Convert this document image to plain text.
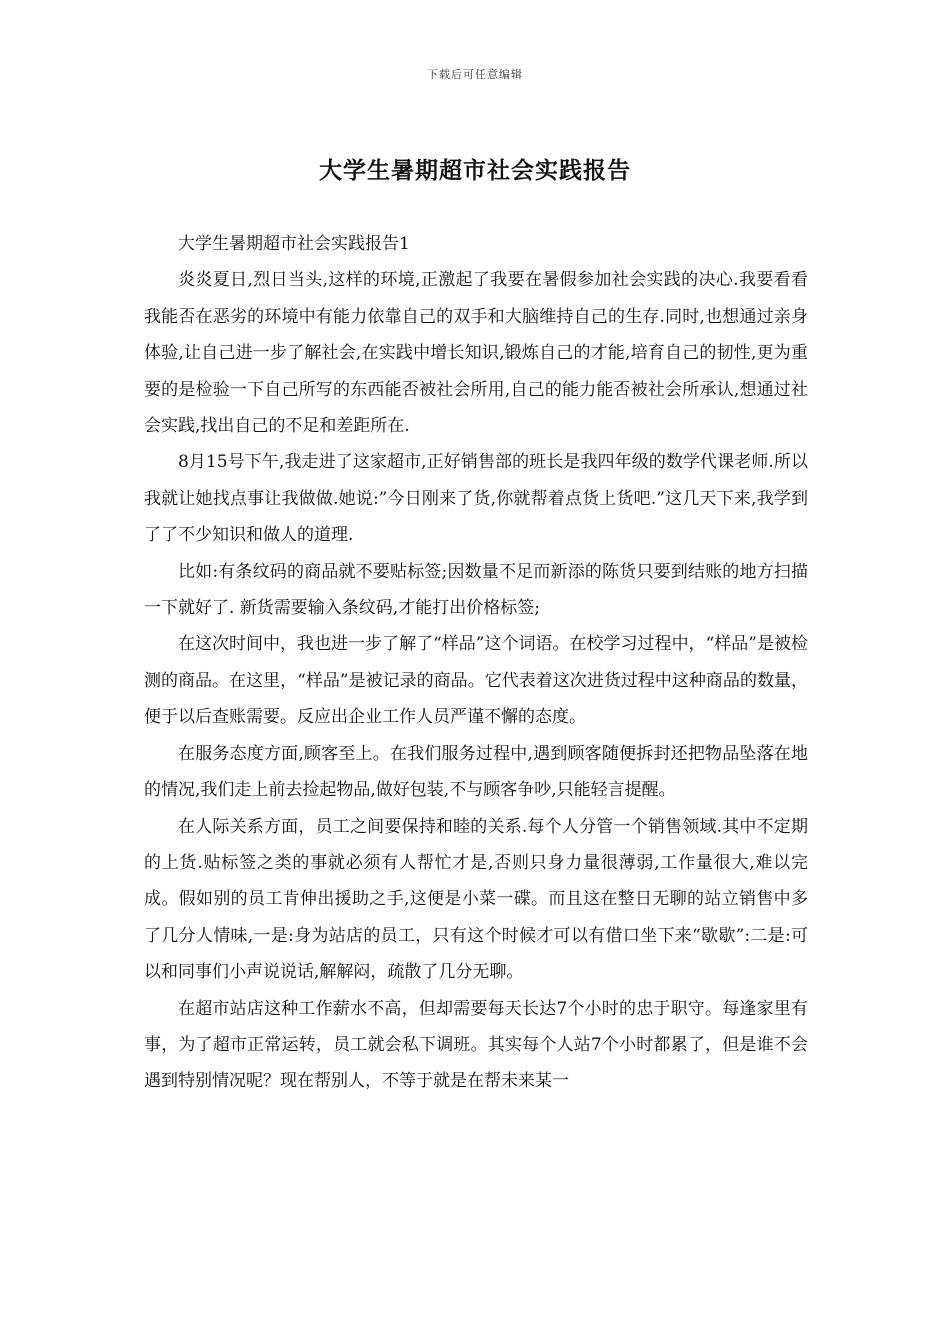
下载后可任意编辑
大学生暑期超市社会实践报告

大学生暑期超市社会实践报告1

炎炎夏日,烈日当头,这样的环境,正激起了我要在暑假参加社会实践的决心.我要看看我能否在恶劣的环境中有能力依靠自己的双手和大脑维持自己的生存.同时,也想通过亲身体验,让自己进一步了解社会,在实践中增长知识,锻炼自己的才能,培育自己的韧性,更为重要的是检验一下自己所写的东西能否被社会所用,自己的能力能否被社会所承认,想通过社会实践,找出自己的不足和差距所在.

8月15号下午,我走进了这家超市,正好销售部的班长是我四年级的数学代课老师.所以我就让她找点事让我做做.她说:”今日刚来了货,你就帮着点货上货吧.”这几天下来,我学到了了不少知识和做人的道理.

比如:有条纹码的商品就不要贴标签;因数量不足而新添的陈货只要到结账的地方扫描一下就好了. 新货需要输入条纹码,才能打出价格标签;

在这次时间中，我也进一步了解了“样品”这个词语。在校学习过程中，“样品”是被检测的商品。在这里，“样品”是被记录的商品。它代表着这次进货过程中这种商品的数量，便于以后查账需要。反应出企业工作人员严谨不懈的态度。

在服务态度方面,顾客至上。在我们服务过程中,遇到顾客随便拆封还把物品坠落在地的情况,我们走上前去捡起物品,做好包装,不与顾客争吵,只能轻言提醒。

在人际关系方面，员工之间要保持和睦的关系.每个人分管一个销售领域.其中不定期的上货.贴标签之类的事就必须有人帮忙才是,否则只身力量很薄弱,工作量很大,难以完成。假如别的员工肯伸出援助之手,这便是小菜一碟。而且这在整日无聊的站立销售中多了几分人情味,一是:身为站店的员工，只有这个时候才可以有借口坐下来“歇歇”:二是:可以和同事们小声说说话,解解闷，疏散了几分无聊。

在超市站店这种工作薪水不高，但却需要每天长达7个小时的忠于职守。每逢家里有事，为了超市正常运转，员工就会私下调班。其实每个人站7个小时都累了，但是谁不会遇到特别情况呢？现在帮别人，不等于就是在帮未来某一
